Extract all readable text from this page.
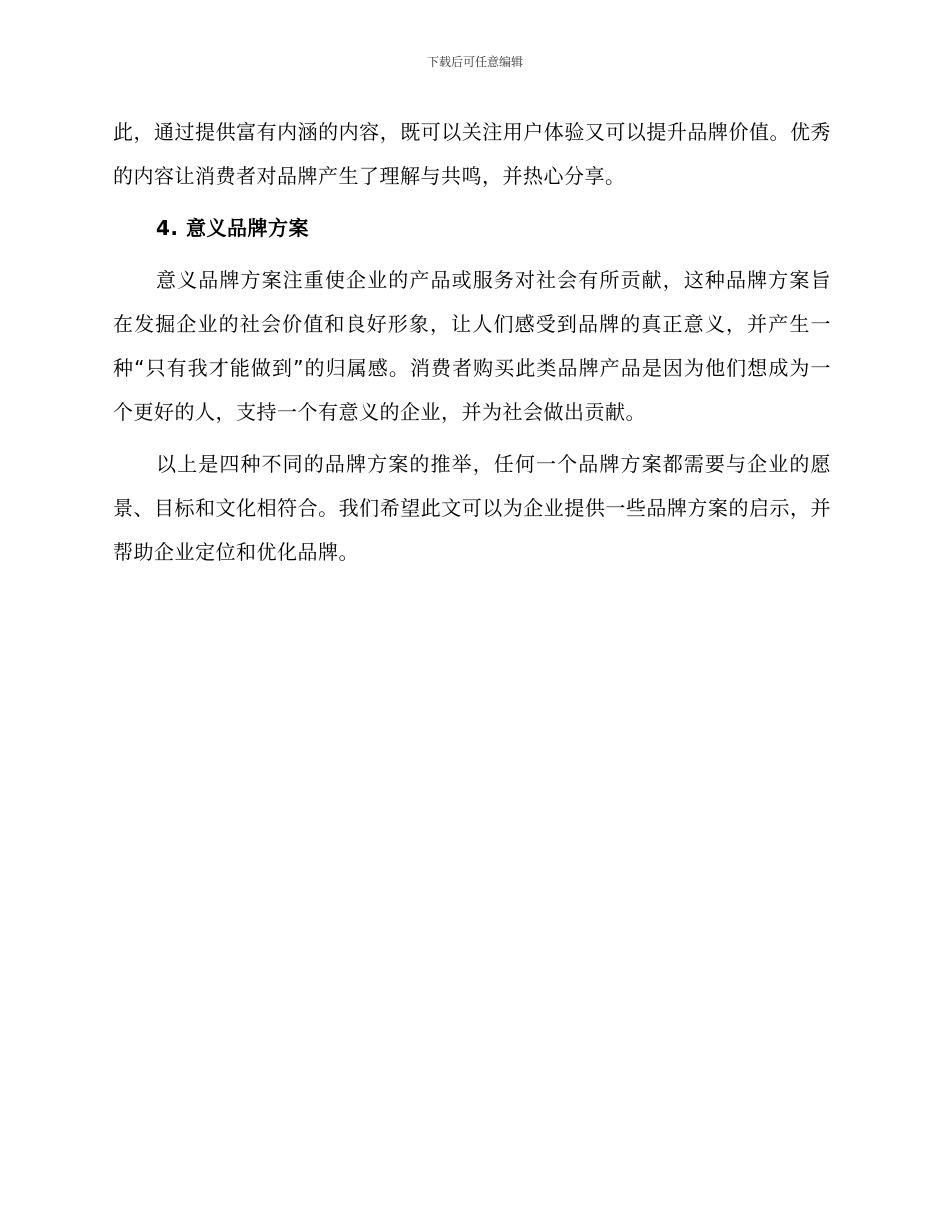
下载后可任意编辑

此，通过提供富有内涵的内容，既可以关注用户体验又可以提升品牌价值。优秀的内容让消费者对品牌产生了理解与共鸣，并热心分享。

4. 意义品牌方案

意义品牌方案注重使企业的产品或服务对社会有所贡献，这种品牌方案旨在发掘企业的社会价值和良好形象，让人们感受到品牌的真正意义，并产生一种“只有我才能做到”的归属感。消费者购买此类品牌产品是因为他们想成为一个更好的人，支持一个有意义的企业，并为社会做出贡献。

以上是四种不同的品牌方案的推举，任何一个品牌方案都需要与企业的愿景、目标和文化相符合。我们希望此文可以为企业提供一些品牌方案的启示，并帮助企业定位和优化品牌。
